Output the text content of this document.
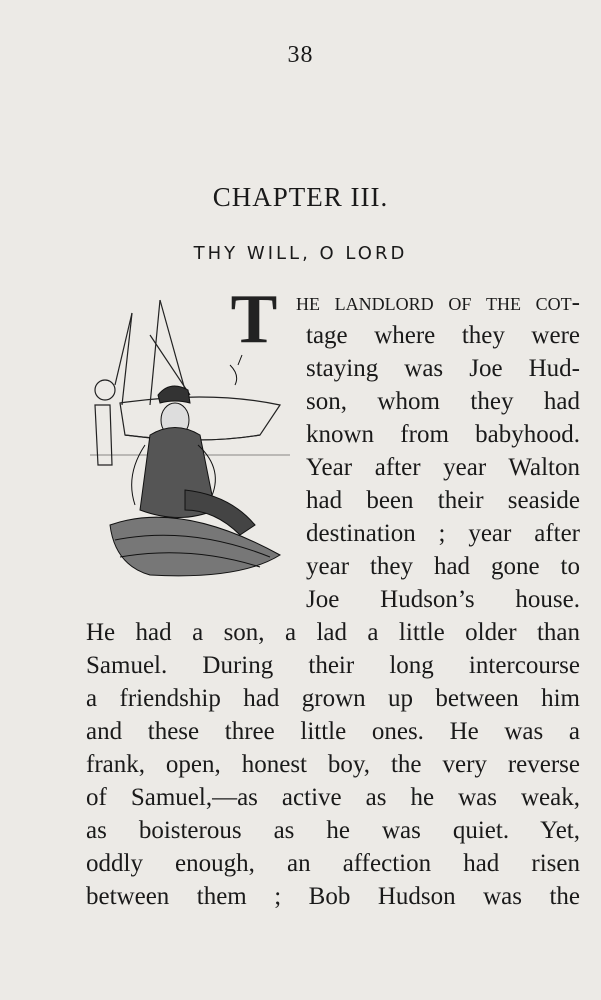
38
CHAPTER III.
THY WILL, O LORD
T he landlord of the cot-
tage where they were
staying was Joe Hud-
son, whom they had
known from babyhood.
Year after year Walton
had been their seaside
destination ; year after
year they had gone to
Joe Hudson’s house.
He had a son, a lad a little older than
Samuel. During their long intercourse
a friendship had grown up between him
and these three little ones. He was a
frank, open, honest boy, the very reverse
of Samuel,—as active as he was weak,
as boisterous as he was quiet. Yet,
oddly enough, an affection had risen
between them ; Bob Hudson was the
